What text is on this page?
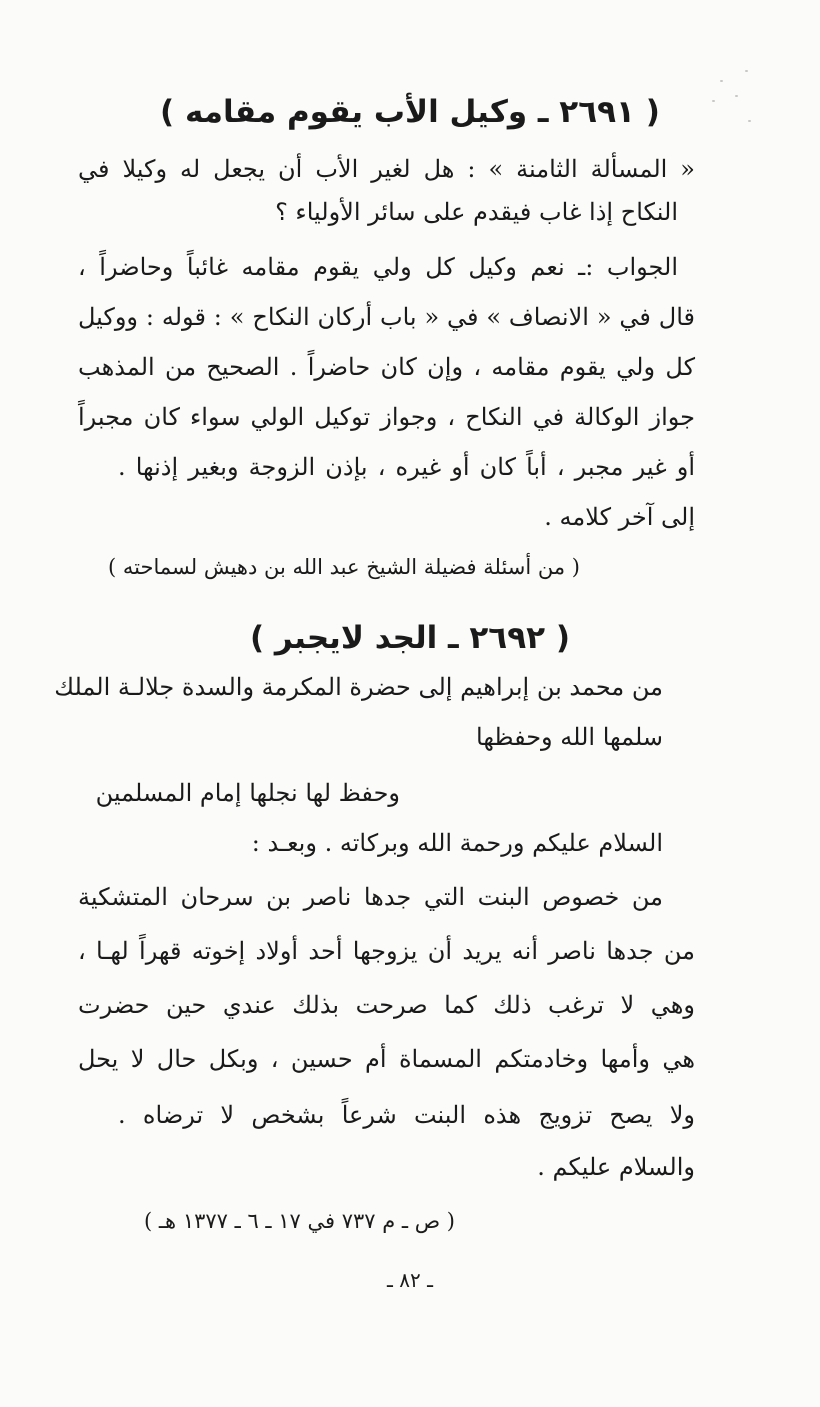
( ٢٦٩١ ـ وكيل الأب يقوم مقامه )
« المسألة الثامنة » : هل لغير الأب أن يجعل له وكيلا في
النكاح إذا غاب فيقدم على سائر الأولياء ؟
الجواب :ـ نعم وكيل كل ولي يقوم مقامه غائباً وحاضراً ،
قال في « الانصاف » في « باب أركان النكاح » : قوله : ووكيل
كل ولي يقوم مقامه ، وإن كان حاضراً . الصحيح من المذهب
جواز الوكالة في النكاح ، وجواز توكيل الولي سواء كان مجبراً
أو غير مجبر ، أباً كان أو غيره ، بإذن الزوجة وبغير إذنها .
إلى آخر كلامه .
( من أسئلة فضيلة الشيخ عبد الله بن دهيش لسماحته )
( ٢٦٩٢ ـ الجد لايجبر )
من محمد بن إبراهيم إلى حضرة المكرمة والسدة جلالـة الملك
سلمها الله وحفظها
وحفظ لها نجلها إمام المسلمين
السلام عليكم ورحمة الله وبركاته . وبعـد :
من خصوص البنت التي جدها ناصر بن سرحان المتشكية
من جدها ناصر أنه يريد أن يزوجها أحد أولاد إخوته قهراً لهـا ،
وهي لا ترغب ذلك كما صرحت بذلك عندي حين حضرت
هي وأمها وخادمتكم المسماة أم حسين ، وبكل حال لا يحل
ولا يصح تزويج هذه البنت شرعاً بشخص لا ترضاه .
والسلام عليكم .
( ص ـ م ٧٣٧ في ١٧ ـ ٦ ـ ١٣٧٧ هـ )
ـ ٨٢ ـ
